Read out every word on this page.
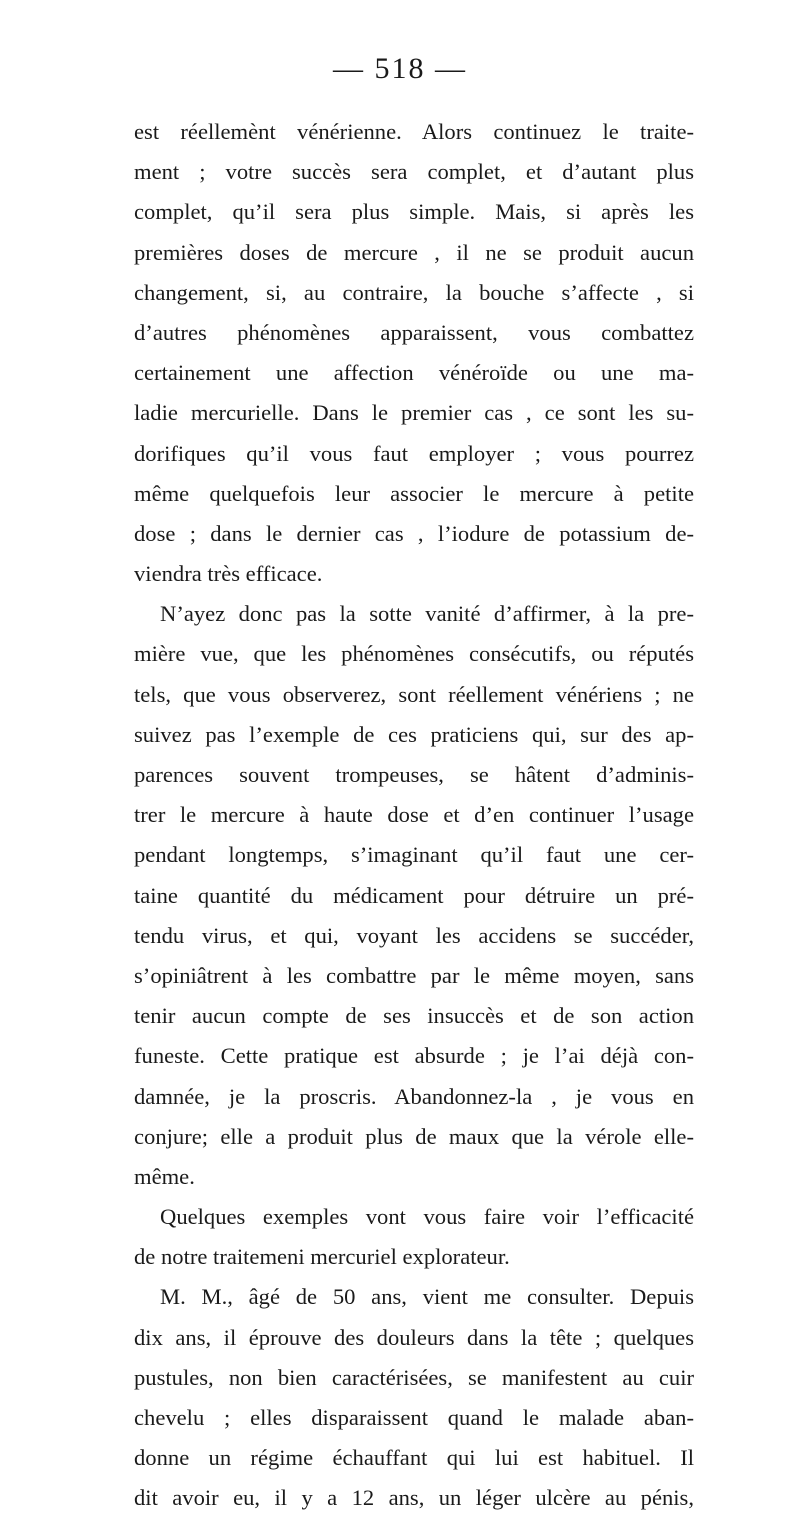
— 518 —
est réellemènt vénérienne. Alors continuez le traite-
ment ; votre succès sera complet, et d’autant plus
complet, qu’il sera plus simple. Mais, si après les
premières doses de mercure , il ne se produit aucun
changement, si, au contraire, la bouche s’affecte , si
d’autres phénomènes apparaissent, vous combattez
certainement une affection vénéroïde ou une ma-
ladie mercurielle. Dans le premier cas , ce sont les su-
dorifiques qu’il vous faut employer ; vous pourrez
même quelquefois leur associer le mercure à petite
dose ; dans le dernier cas , l’iodure de potassium de-
viendra très efficace.
N’ayez donc pas la sotte vanité d’affirmer, à la pre-
mière vue, que les phénomènes consécutifs, ou réputés
tels, que vous observerez, sont réellement vénériens ; ne
suivez pas l’exemple de ces praticiens qui, sur des ap-
parences souvent trompeuses, se hâtent d’adminis-
trer le mercure à haute dose et d’en continuer l’usage
pendant longtemps, s’imaginant qu’il faut une cer-
taine quantité du médicament pour détruire un pré-
tendu virus, et qui, voyant les accidens se succéder,
s’opiniâtrent à les combattre par le même moyen, sans
tenir aucun compte de ses insuccès et de son action
funeste. Cette pratique est absurde ; je l’ai déjà con-
damnée, je la proscris. Abandonnez-la , je vous en
conjure; elle a produit plus de maux que la vérole elle-
même.
Quelques exemples vont vous faire voir l’efficacité
de notre traitemeni mercuriel explorateur.
M. M., âgé de 50 ans, vient me consulter. Depuis
dix ans, il éprouve des douleurs dans la tête ; quelques
pustules, non bien caractérisées, se manifestent au cuir
chevelu ; elles disparaissent quand le malade aban-
donne un régime échauffant qui lui est habituel. Il
dit avoir eu, il y a 12 ans, un léger ulcère au pénis,
